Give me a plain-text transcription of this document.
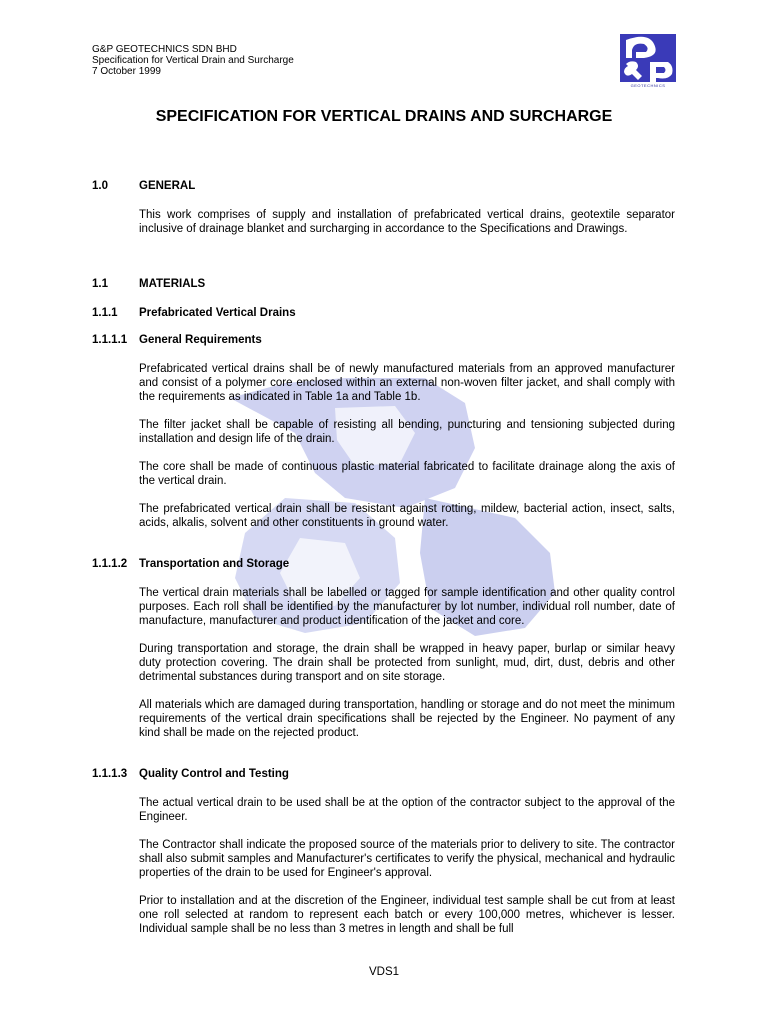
G&P GEOTECHNICS SDN BHD
Specification for Vertical Drain and Surcharge
7 October 1999
GEOTECHNICS
SPECIFICATION FOR VERTICAL DRAINS AND SURCHARGE
1.0	GENERAL
This work comprises of supply and installation of prefabricated vertical drains, geotextile separator inclusive of drainage blanket and surcharging in accordance to the Specifications and Drawings.
1.1	MATERIALS
1.1.1 Prefabricated Vertical Drains
1.1.1.1 General Requirements
Prefabricated vertical drains shall be of newly manufactured materials from an approved manufacturer and consist of a polymer core enclosed within an external non-woven filter jacket, and shall comply with the requirements as indicated in Table 1a and Table 1b.
The filter jacket shall be capable of resisting all bending, puncturing and tensioning subjected during installation and design life of the drain.
The core shall be made of continuous plastic material fabricated to facilitate drainage along the axis of the vertical drain.
The prefabricated vertical drain shall be resistant against rotting, mildew, bacterial action, insect, salts, acids, alkalis, solvent and other constituents in ground water.
1.1.1.2 Transportation and Storage
The vertical drain materials shall be labelled or tagged for sample identification and other quality control purposes. Each roll shall be identified by the manufacturer by lot number, individual roll number, date of manufacture, manufacturer and product identification of the jacket and core.
During transportation and storage, the drain shall be wrapped in heavy paper, burlap or similar heavy duty protection covering. The drain shall be protected from sunlight, mud, dirt, dust, debris and other detrimental substances during transport and on site storage.
All materials which are damaged during transportation, handling or storage and do not meet the minimum requirements of the vertical drain specifications shall be rejected by the Engineer. No payment of any kind shall be made on the rejected product.
1.1.1.3 Quality Control and Testing
The actual vertical drain to be used shall be at the option of the contractor subject to the approval of the Engineer.
The Contractor shall indicate the proposed source of the materials prior to delivery to site. The contractor shall also submit samples and Manufacturer's certificates to verify the physical, mechanical and hydraulic properties of the drain to be used for Engineer's approval.
Prior to installation and at the discretion of the Engineer, individual test sample shall be cut from at least one roll selected at random to represent each batch or every 100,000 metres, whichever is lesser. Individual sample shall be no less than 3 metres in length and shall be full
VDS1
